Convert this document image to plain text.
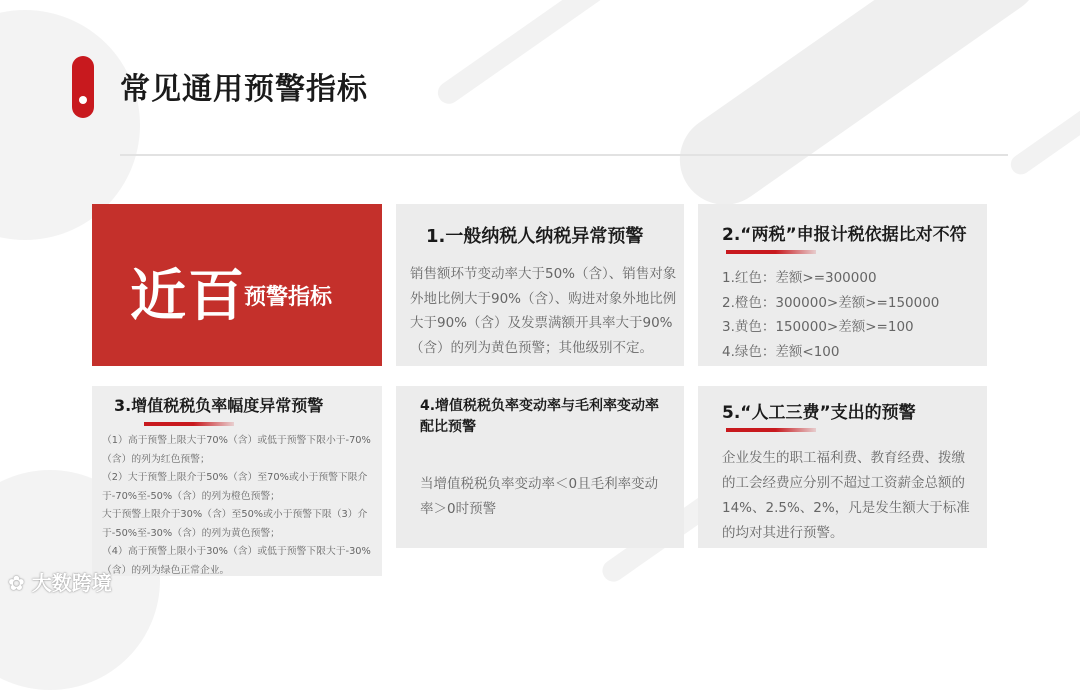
常见通用预警指标
近百
预警指标
1.一般纳税人纳税异常预警
销售额环节变动率大于50%（含）、销售对象外地比例大于90%（含）、购进对象外地比例大于90%（含）及发票满额开具率大于90%（含）的列为黄色预警；其他级别不定。
2.“两税”申报计税依据比对不符
1.红色：差额>=300000
2.橙色：300000>差额>=150000
3.黄色：150000>差额>=100
4.绿色：差额<100
3.增值税税负率幅度异常预警
（1）高于预警上限大于70%（含）或低于预警下限小于-70%（含）的列为红色预警；
（2）大于预警上限介于50%（含）至70%或小于预警下限介于-70%至-50%（含）的列为橙色预警；
大于预警上限介于30%（含）至50%或小于预警下限（3）介于-50%至-30%（含）的列为黄色预警；
（4）高于预警上限小于30%（含）或低于预警下限大于-30%（含）的列为绿色正常企业。
4.增值税税负率变动率与毛利率变动率配比预警
当增值税税负率变动率＜0且毛利率变动率＞0时预警
5.“人工三费”支出的预警
企业发生的职工福利费、教育经费、拨缴的工会经费应分别不超过工资薪金总额的14%、2.5%、2%，凡是发生额大于标准的均对其进行预警。
✿ 大数跨境
